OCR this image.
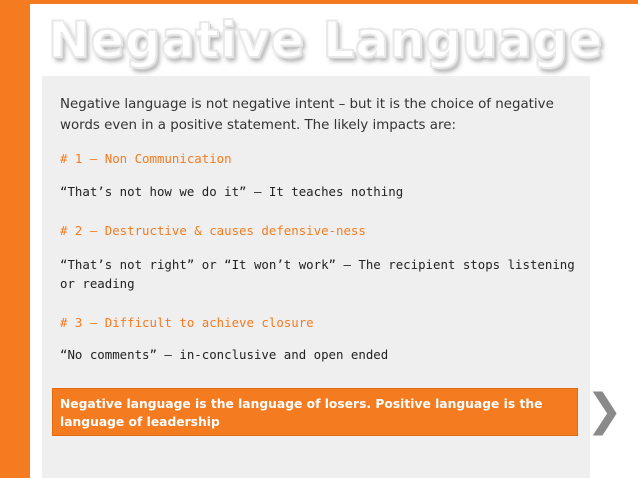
Negative Language

Negative language is not negative intent – but it is the choice of negative words even in a positive statement. The likely impacts are:

# 1 – Non Communication

“That’s not how we do it” – It teaches nothing

# 2 – Destructive & causes defensive-ness

“That’s not right” or “It won’t work” – The recipient stops listening or reading

# 3 – Difficult to achieve closure

“No comments” – in-conclusive and open ended

Negative language is the language of losers. Positive language is the language of leadership	❯
